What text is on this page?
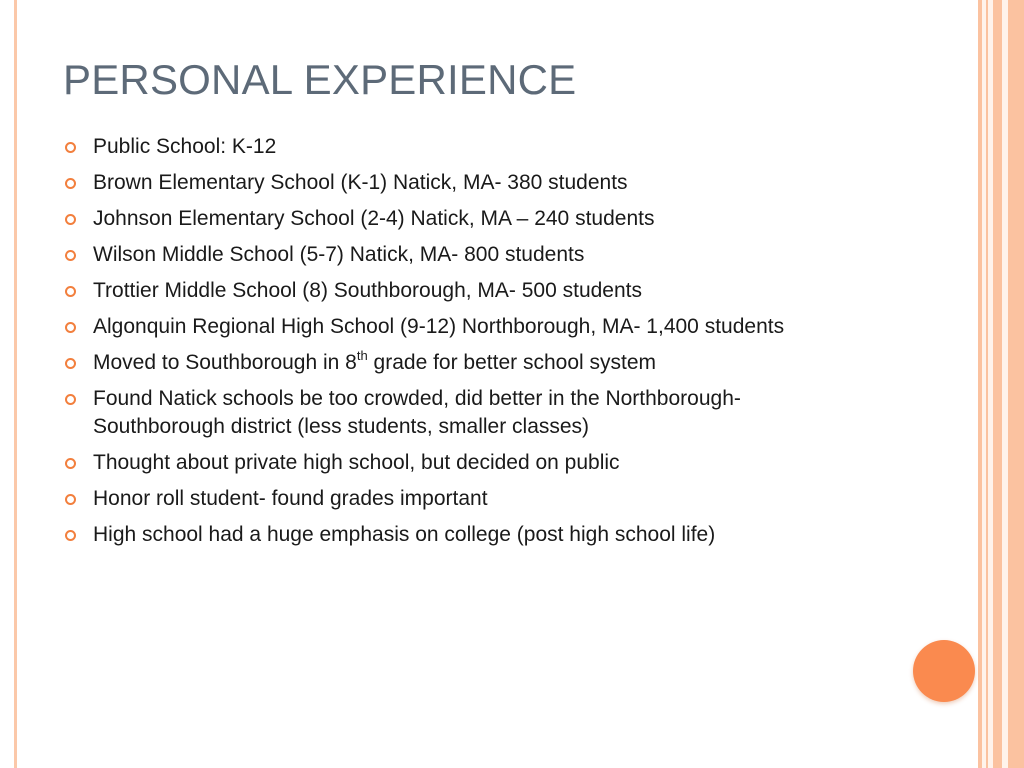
PERSONAL EXPERIENCE
Public School: K-12
Brown Elementary School (K-1) Natick, MA- 380 students
Johnson Elementary School (2-4) Natick, MA – 240 students
Wilson Middle School (5-7) Natick, MA- 800 students
Trottier Middle School (8) Southborough, MA- 500 students
Algonquin Regional High School (9-12) Northborough, MA- 1,400 students
Moved to Southborough in 8th grade for better school system
Found Natick schools be too crowded, did better in the Northborough-Southborough district (less students, smaller classes)
Thought about private high school, but decided on public
Honor roll student- found grades important
High school had a huge emphasis on college (post high school life)
